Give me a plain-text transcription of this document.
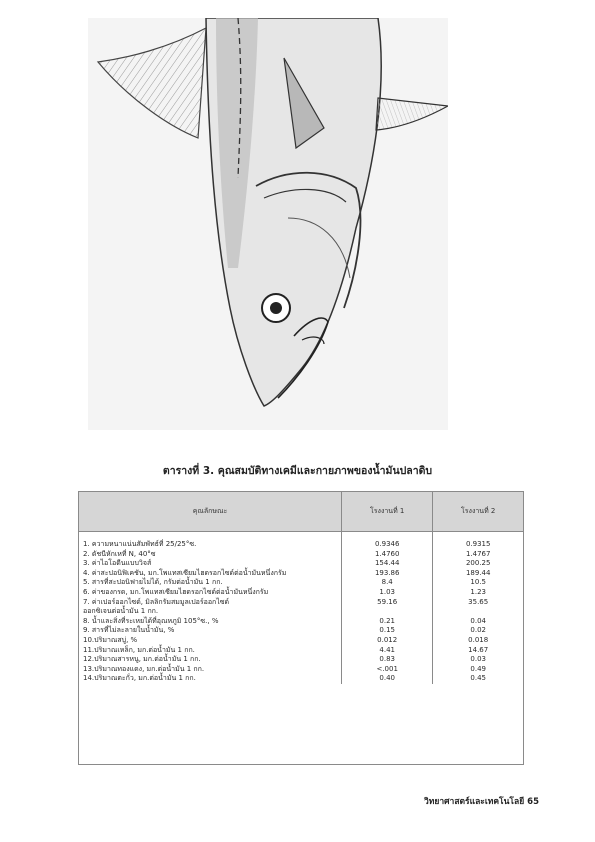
ตารางที่ 3. คุณสมบัติทางเคมีและกายภาพของน้ำมันปลาดิบ
คุณลักษณะ	โรงงานที่ 1	โรงงานที่ 2
1. ความหนาแน่นสัมพัทธ์ที่ 25/25°ซ.	0.9346	0.9315
2. ดัชนีหักเหที่ N, 40°ซ	1.4760	1.4767
3. ค่าไอโอดีนแบบวิจส์	154.44	200.25
4. ค่าสะปอนิฟิเคชัน, มก.โพแทสเซียมไฮดรอกไซด์ต่อน้ำมันหนึ่งกรัม	193.86	189.44
5. สารที่สะปอนิฟายไม่ได้, กรัมต่อน้ำมัน 1 กก.	8.4	10.5
6. ค่าของกรด, มก.โพแทสเซียมไฮดรอกไซด์ต่อน้ำมันหนึ่งกรัม	1.03	1.23
7. ค่าเปอร์ออกไซด์, มิลลิกรัมสมมูลเปอร์ออกไซด์	59.16	35.65
ออกซิเจนต่อน้ำมัน 1 กก.		
8. น้ำและสิ่งที่ระเหยได้ที่อุณหภูมิ 105°ซ., %	0.21	0.04
9. สารที่ไม่ละลายในน้ำมัน, %	0.15	0.02
10.ปริมาณสบู่, %	0.012	0.018
11.ปริมาณเหล็ก, มก.ต่อน้ำมัน 1 กก.	4.41	14.67
12.ปริมาณสารหนู, มก.ต่อน้ำมัน 1 กก.	0.83	0.03
13.ปริมาณทองแดง, มก.ต่อน้ำมัน 1 กก.	<.001	0.49
14.ปริมาณตะกั่ว, มก.ต่อน้ำมัน 1 กก.	0.40	0.45
วิทยาศาสตร์และเทคโนโลยี 65
